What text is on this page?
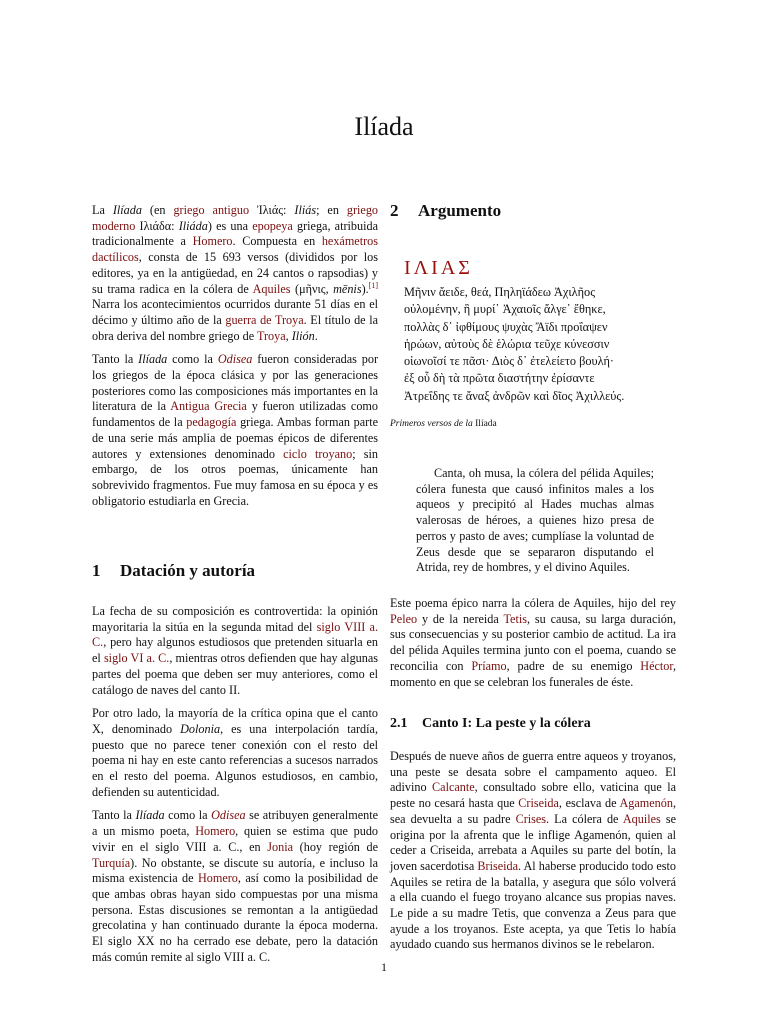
Ilíada

La Ilíada (en griego antiguo Ἰλιάς: Iliás; en griego moderno Ιλιάδα: Iliáda) es una epopeya griega, atribuida tradicionalmente a Homero. Compuesta en hexámetros dactílicos, consta de 15 693 versos (divididos por los editores, ya en la antigüedad, en 24 cantos o rapsodias) y su trama radica en la cólera de Aquiles (μῆνις, mēnis).[1] Narra los acontecimientos ocurridos durante 51 días en el décimo y último año de la guerra de Troya. El título de la obra deriva del nombre griego de Troya, Ilión.

Tanto la Ilíada como la Odisea fueron consideradas por los griegos de la época clásica y por las generaciones posteriores como las composiciones más importantes en la literatura de la Antigua Grecia y fueron utilizadas como fundamentos de la pedagogía griega. Ambas forman parte de una serie más amplia de poemas épicos de diferentes autores y extensiones denominado ciclo troyano; sin embargo, de los otros poemas, únicamente han sobrevivido fragmentos. Fue muy famosa en su época y es obligatorio estudiarla en Grecia.

1 Datación y autoría

La fecha de su composición es controvertida: la opinión mayoritaria la sitúa en la segunda mitad del siglo VIII a. C., pero hay algunos estudiosos que pretenden situarla en el siglo VI a. C., mientras otros defienden que hay algunas partes del poema que deben ser muy anteriores, como el catálogo de naves del canto II.

Por otro lado, la mayoría de la crítica opina que el canto X, denominado Dolonia, es una interpolación tardía, puesto que no parece tener conexión con el resto del poema ni hay en este canto referencias a sucesos narrados en el resto del poema. Algunos estudiosos, en cambio, defienden su autenticidad.

Tanto la Ilíada como la Odisea se atribuyen generalmente a un mismo poeta, Homero, quien se estima que pudo vivir en el siglo VIII a. C., en Jonia (hoy región de Turquía). No obstante, se discute su autoría, e incluso la misma existencia de Homero, así como la posibilidad de que ambas obras hayan sido compuestas por una misma persona. Estas discusiones se remontan a la antigüedad grecolatina y han continuado durante la época moderna. El siglo XX no ha cerrado ese debate, pero la datación más común remite al siglo VIII a. C.

2 Argumento
ΙΛΙΑΣ
Μῆνιν ἄειδε, θεά, Πηληϊάδεω Ἀχιλῆος
οὐλομένην, ἣ μυρί᾽ Ἀχαιοῖς ἄλγε᾽ ἔθηκε,
πολλὰς δ᾽ ἰφθίμους ψυχὰς Ἄϊδι προΐαψεν
ἡρώων, αὐτοὺς δὲ ἑλώρια τεῦχε κύνεσσιν
οἰωνοῖσί τε πᾶσι· Διὸς δ᾽ ἐτελείετο βουλή·
ἐξ οὗ δὴ τὰ πρῶτα διαστήτην ἐρίσαντε
Ἀτρεΐδης τε ἄναξ ἀνδρῶν καὶ δῖος Ἀχιλλεύς.
Primeros versos de la Ilíada
Canta, oh musa, la cólera del pélida Aquiles; cólera funesta que causó infinitos males a los aqueos y precipitó al Hades muchas almas valerosas de héroes, a quienes hizo presa de perros y pasto de aves; cumplíase la voluntad de Zeus desde que se separaron disputando el Atrida, rey de hombres, y el divino Aquiles.

Este poema épico narra la cólera de Aquiles, hijo del rey Peleo y de la nereida Tetis, su causa, su larga duración, sus consecuencias y su posterior cambio de actitud. La ira del pélida Aquiles termina junto con el poema, cuando se reconcilia con Príamo, padre de su enemigo Héctor, momento en que se celebran los funerales de éste.

2.1 Canto I: La peste y la cólera

Después de nueve años de guerra entre aqueos y troyanos, una peste se desata sobre el campamento aqueo. El adivino Calcante, consultado sobre ello, vaticina que la peste no cesará hasta que Criseida, esclava de Agamenón, sea devuelta a su padre Crises. La cólera de Aquiles se origina por la afrenta que le inflige Agamenón, quien al ceder a Criseida, arrebata a Aquiles su parte del botín, la joven sacerdotisa Briseida. Al haberse producido todo esto Aquiles se retira de la batalla, y asegura que sólo volverá a ella cuando el fuego troyano alcance sus propias naves. Le pide a su madre Tetis, que convenza a Zeus para que ayude a los troyanos. Este acepta, ya que Tetis lo había ayudado cuando sus hermanos divinos se le rebelaron.

1
